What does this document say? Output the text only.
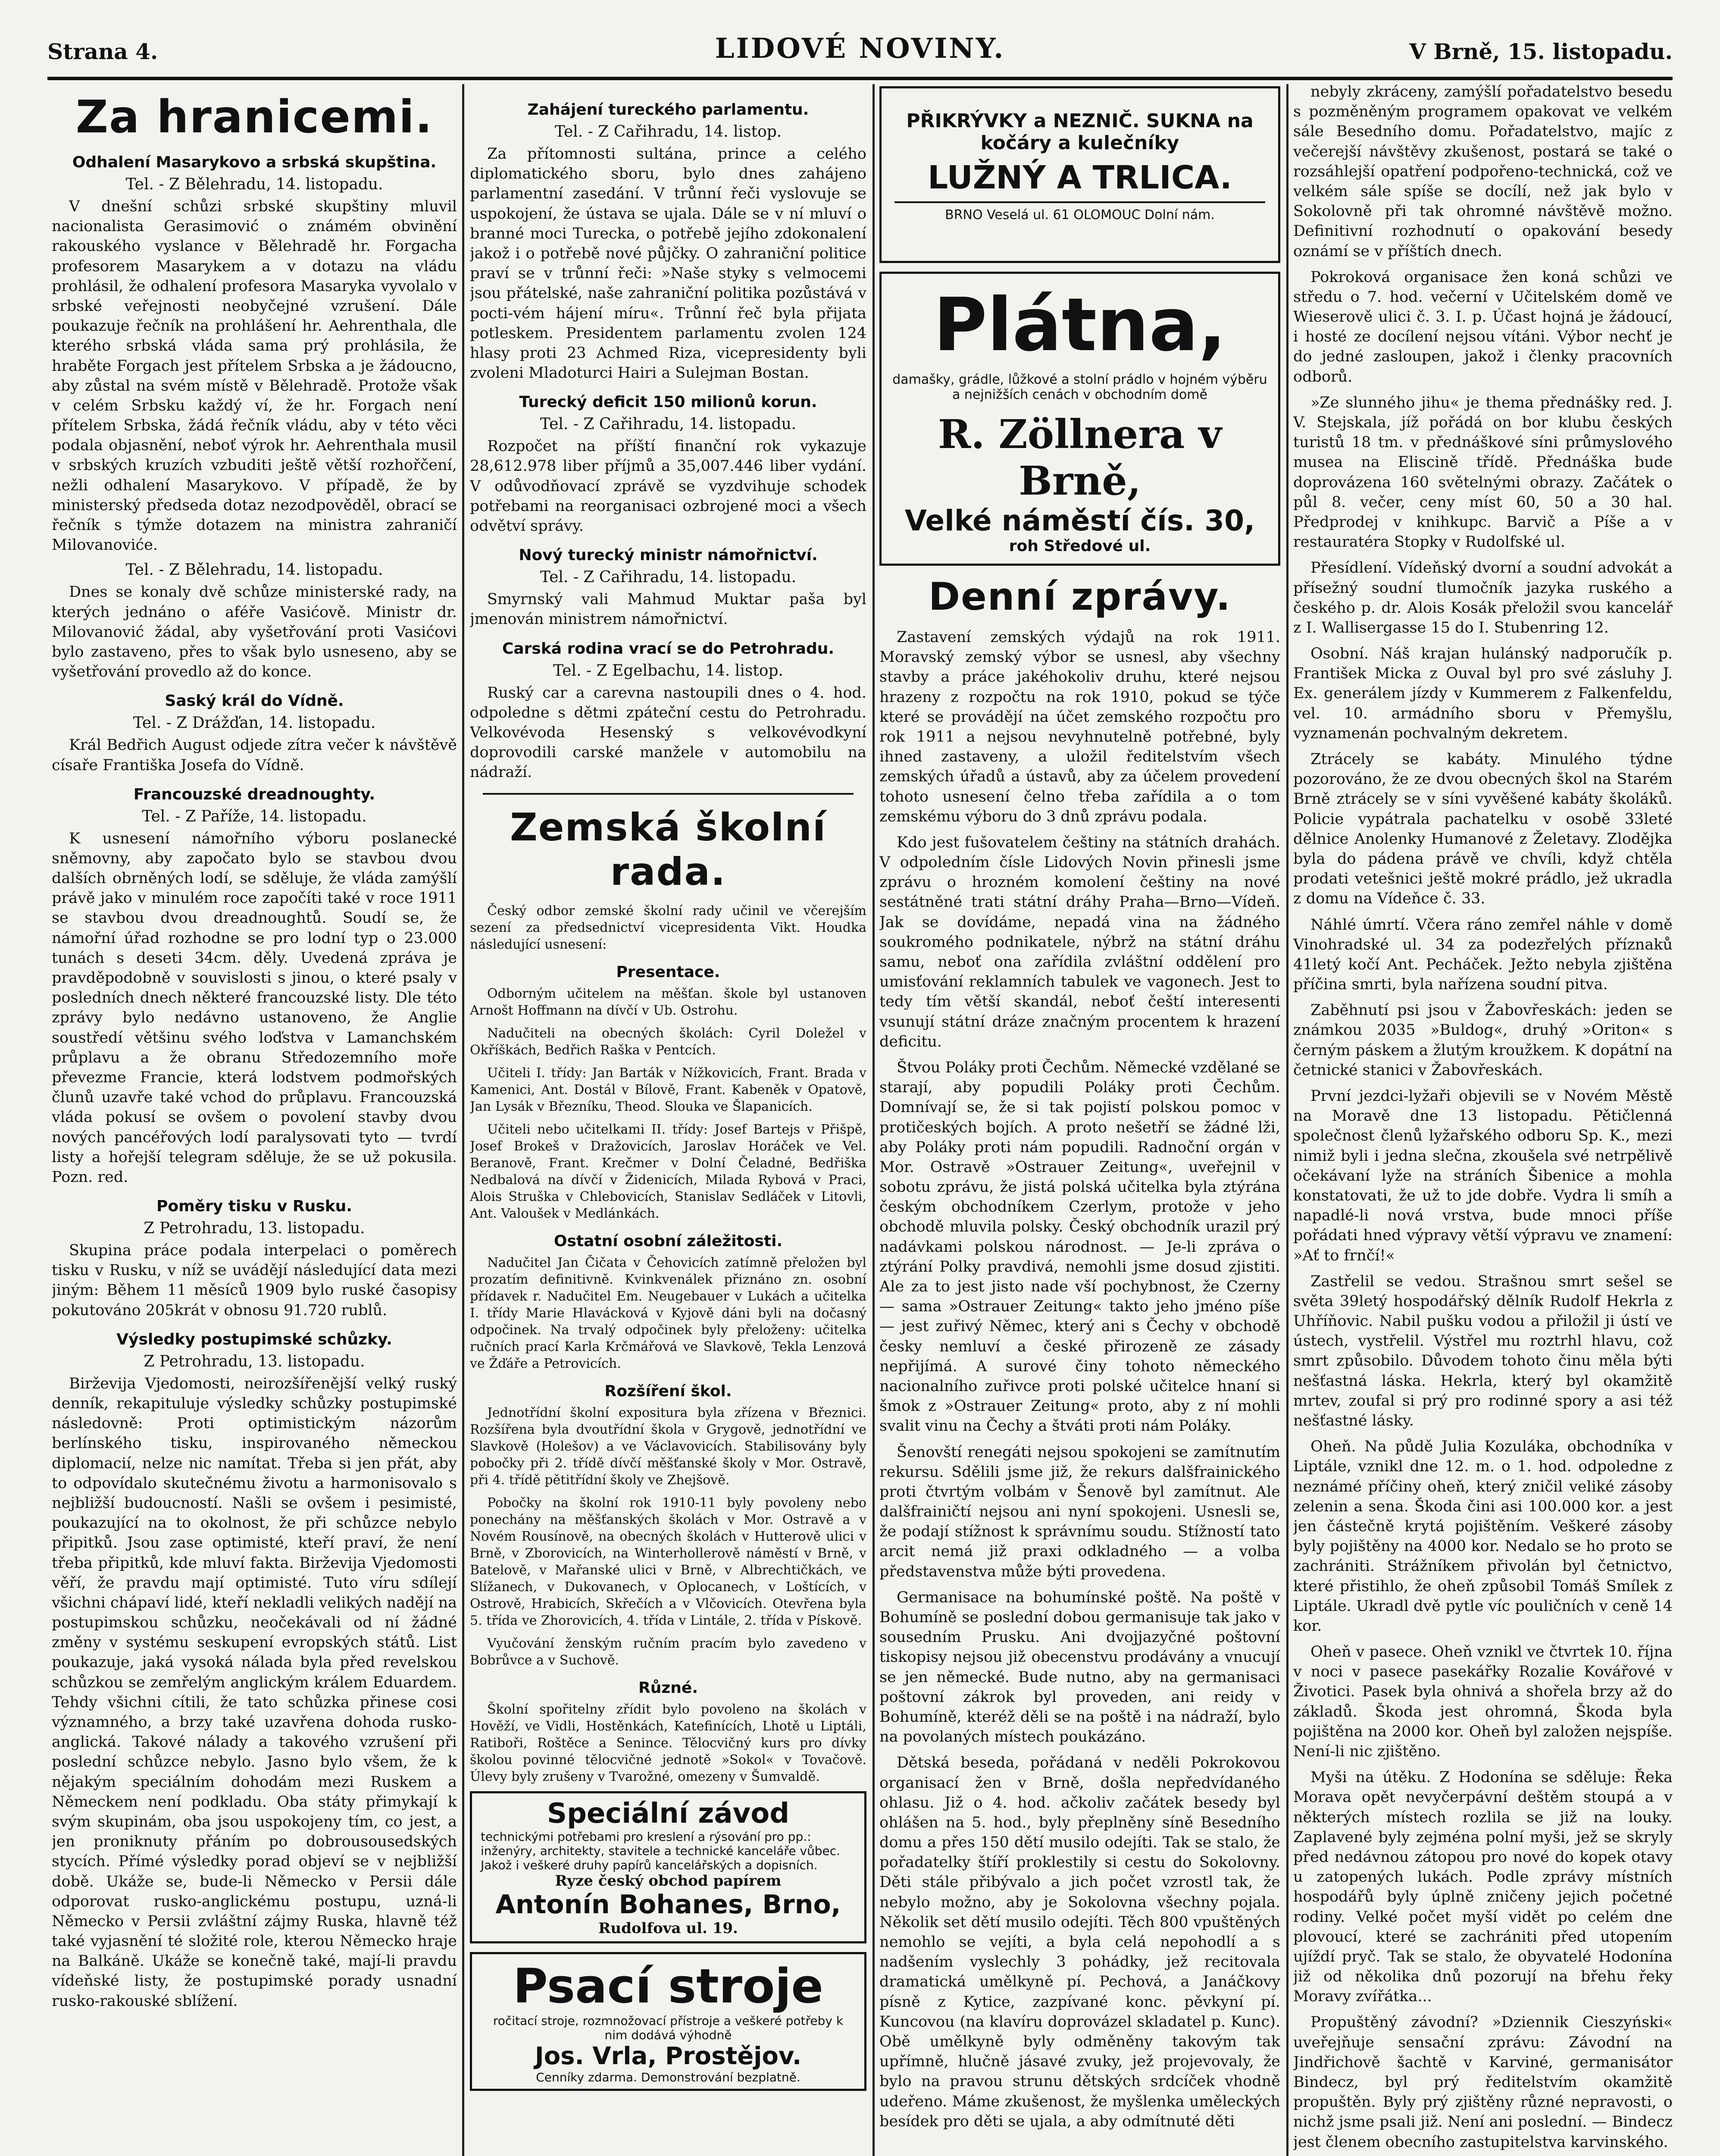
Strana 4.	LIDOVÉ NOVINY.	V Brně, 15. listopadu.
Za hranicemi.
Odhalení Masarykovo a srbská skupština.
Tel. - Z Bělehradu, 14. listopadu.

V dnešní schůzi srbské skupštiny mluvil nacionalista Gerasimović o známém obvinění rakouského vyslance v Bělehradě hr. Forgacha profesorem Masarykem a v dotazu na vládu prohlásil, že odhalení profesora Masaryka vyvolalo v srbské veřejnosti neobyčejné vzrušení. Dále poukazuje řečník na prohlášení hr. Aehrenthala, dle kterého srbská vláda sama prý prohlásila, že hraběte Forgach jest přítelem Srbska a je žádoucno, aby zůstal na svém místě v Bělehradě. Protože však v celém Srbsku každý ví, že hr. Forgach není přítelem Srbska, žádá řečník vládu, aby v této věci podala objasnění, neboť výrok hr. Aehrenthala musil v srbských kruzích vzbuditi ještě větší rozhořčení, nežli odhalení Masarykovo. V případě, že by ministerský předseda dotaz nezodpověděl, obrací se řečník s týmže dotazem na ministra zahraničí Milovanoviće.

Tel. - Z Bělehradu, 14. listopadu.

Dnes se konaly dvě schůze ministerské rady, na kterých jednáno o aféře Vasićově. Ministr dr. Milovanović žádal, aby vyšetřování proti Vasićovi bylo zastaveno, přes to však bylo usneseno, aby se vyšetřování provedlo až do konce.

Saský král do Vídně.
Tel. - Z Drážďan, 14. listopadu.

Král Bedřich August odjede zítra večer k návštěvě císaře Františka Josefa do Vídně.

Francouzské dreadnoughty.
Tel. - Z Paříže, 14. listopadu.

K usnesení námořního výboru poslanecké sněmovny, aby započato bylo se stavbou dvou dalších obrněných lodí, se sděluje, že vláda zamýšlí právě jako v minulém roce započíti také v roce 1911 se stavbou dvou dreadnoughtů. Soudí se, že námořní úřad rozhodne se pro lodní typ o 23.000 tunách s deseti 34cm. děly. Uvedená zpráva je pravděpodobně v souvislosti s jinou, o které psaly v posledních dnech některé francouzské listy. Dle této zprávy bylo nedávno ustanoveno, že Anglie soustředí většinu svého loďstva v Lamanchském průplavu a že obranu Středozemního moře převezme Francie, která lodstvem podmořských člunů uzavře také vchod do průplavu. Francouzská vláda pokusí se ovšem o povolení stavby dvou nových pancéřových lodí paralysovati tyto — tvrdí listy a hořejší telegram sděluje, že se už pokusila. Pozn. red.

Poměry tisku v Rusku.
Z Petrohradu, 13. listopadu.

Skupina práce podala interpelaci o poměrech tisku v Rusku, v níž se uvádějí následující data mezi jiným: Během 11 měsíců 1909 bylo ruské časopisy pokutováno 205krát v obnosu 91.720 rublů.

Výsledky postupimské schůzky.
Z Petrohradu, 13. listopadu.

Birževija Vjedomosti, neirozšířenější velký ruský denník, rekapituluje výsledky schůzky postupimské následovně: Proti optimistickým názorům berlínského tisku, inspirovaného německou diplomacií, nelze nic namítat. Třeba si jen přát, aby to odpovídalo skutečnému životu a harmonisovalo s nejbližší budoucností. Našli se ovšem i pesimisté, poukazující na to okolnost, že při schůzce nebylo připitků. Jsou zase optimisté, kteří praví, že není třeba připitků, kde mluví fakta. Birževija Vjedomosti věří, že pravdu mají optimisté. Tuto víru sdílejí všichni chápaví lidé, kteří nekladli velikých nadějí na postupimskou schůzku, neočekávali od ní žádné změny v systému seskupení evropských států. List poukazuje, jaká vysoká nálada byla před revelskou schůzkou se zemřelým anglickým králem Eduardem. Tehdy všichni cítili, že tato schůzka přinese cosi významného, a brzy také uzavřena dohoda rusko-anglická. Takové nálady a takového vzrušení při poslední schůzce nebylo. Jasno bylo všem, že k nějakým speciálním dohodám mezi Ruskem a Německem není podkladu. Oba státy přimykají k svým skupinám, oba jsou uspokojeny tím, co jest, a jen proniknuty přáním po dobrousousedských stycích. Přímé výsledky porad objeví se v nejbližší době. Ukáže se, bude-li Německo v Persii dále odporovat rusko-anglickému postupu, uzná-li Německo v Persii zvláštní zájmy Ruska, hlavně též také vyjasnění té složité role, kterou Německo hraje na Balkáně. Ukáže se konečně také, mají-li pravdu vídeňské listy, že postupimské porady usnadní rusko-rakouské sblížení.

Zahájení tureckého parlamentu.
Tel. - Z Cařihradu, 14. listop.

Za přítomnosti sultána, prince a celého diplomatického sboru, bylo dnes zahájeno parlamentní zasedání. V trůnní řeči vyslovuje se uspokojení, že ústava se ujala. Dále se v ní mluví o branné moci Turecka, o potřebě jejího zdokonalení jakož i o potřebě nové půjčky. O zahraniční politice praví se v trůnní řeči: »Naše styky s velmocemi jsou přátelské, naše zahraniční politika pozůstává v pocti-vém hájení míru«. Trůnní řeč byla přijata potleskem. Presidentem parlamentu zvolen 124 hlasy proti 23 Achmed Riza, vicepresidenty byli zvoleni Mladoturci Hairi a Sulejman Bostan.

Turecký deficit 150 milionů korun.
Tel. - Z Cařihradu, 14. listopadu.

Rozpočet na příští finanční rok vykazuje 28,612.978 liber příjmů a 35,007.446 liber vydání. V odůvodňovací zprávě se vyzdvihuje schodek potřebami na reorganisaci ozbrojené moci a všech odvětví správy.

Nový turecký ministr námořnictví.
Tel. - Z Cařihradu, 14. listopadu.

Smyrnský vali Mahmud Muktar paša byl jmenován ministrem námořnictví.

Carská rodina vrací se do Petrohradu.
Tel. - Z Egelbachu, 14. listop.

Ruský car a carevna nastoupili dnes o 4. hod. odpoledne s dětmi zpáteční cestu do Petrohradu. Velkovévoda Hesenský s velkovévodkyní doprovodili carské manžele v automobilu na nádraží.

Zemská školní rada.

Český odbor zemské školní rady učinil ve včerejším sezení za předsednictví vicepresidenta Vikt. Houdka následující usnesení:

Presentace.

Odborným učitelem na měšťan. škole byl ustanoven Arnošt Hoffmann na dívčí v Ub. Ostrohu.

Nadučiteli na obecných školách: Cyril Doležel v Okříškách, Bedřich Raška v Pentcích.

Učiteli I. třídy: Jan Barták v Nížkovicích, Frant. Brada v Kamenici, Ant. Dostál v Bílově, Frant. Kabeněk v Opatově, Jan Lysák v Březníku, Theod. Slouka ve Šlapanicích.

Učiteli nebo učitelkami II. třídy: Josef Bartejs v Přišpě, Josef Brokeš v Dražovicích, Jaroslav Horáček ve Vel. Beranově, Frant. Krečmer v Dolní Čeladné, Bedřiška Nedbalová na dívčí v Židenicích, Milada Rybová v Praci, Alois Struška v Chlebovicích, Stanislav Sedláček v Litovli, Ant. Valoušek v Medlánkách.

Ostatní osobní záležitosti.

Nadučitel Jan Čičata v Čehovicích zatímně přeložen byl prozatím definitivně. Kvinkvenálek přiznáno zn. osobní přídavek r. Nadučitel Em. Neugebauer v Lukách a učitelka I. třídy Marie Hlavácková v Kyjově dáni byli na dočasný odpočinek. Na trvalý odpočinek byly přeloženy: učitelka ručních prací Karla Krčmářová ve Slavkově, Tekla Lenzová ve Žďáře a Petrovicích.

Rozšíření škol.

Jednotřídní školní expositura byla zřízena v Březnici. Rozšířena byla dvoutřídní škola v Grygově, jednotřídní ve Slavkově (Holešov) a ve Václavovicích. Stabilisovány byly pobočky při 2. třídě dívčí měšťanské školy v Mor. Ostravě, při 4. třídě pětitřídní školy ve Zhejšově.

Pobočky na školní rok 1910-11 byly povoleny nebo ponechány na měšťanských školách v Mor. Ostravě a v Novém Rousínově, na obecných školách v Hutterově ulici v Brně, v Zborovicích, na Winterhollerově náměstí v Brně, v Batelově, v Mařanské ulici v Brně, v Albrechtičkách, ve Slížanech, v Dukovanech, v Oplocanech, v Loštících, v Ostrově, Hrabicích, Skřečích a v Vlčovicích. Otevřena byla 5. třída ve Zhorovicích, 4. třída v Lintále, 2. třída v Pískově.

Vyučování ženským ručním pracím bylo zavedeno v Bobrůvce a v Suchově.

Různé.

Školní spořitelny zřídit bylo povoleno na školách v Hověží, ve Vidli, Hostěnkách, Katefinících, Lhotě u Liptáli, Ratiboři, Roštěce a Senince. Tělocvičný kurs pro dívky školou povinné tělocvičné jednotě »Sokol« v Tovačově. Úlevy byly zrušeny v Tvarožné, omezeny v Šumvaldě.

Speciální závod
technickými potřebami pro kreslení a rýsování pro pp.: inženýry, architekty, stavitele a technické kanceláře vůbec. Jakož i veškeré druhy papírů kancelářských a dopisních.
Ryze český obchod papírem
Antonín Bohanes, Brno,
Rudolfova ul. 19.
Psací stroje
ročitací stroje, rozmnožovací přístroje a veškeré potřeby k nim dodává výhodně
Jos. Vrla, Prostějov.
Cenníky zdarma. Demonstrování bezplatně.
PŘIKRÝVKY a NEZNIČ. SUKNA na kočáry a kulečníky
LUŽNÝ A TRLICA.
BRNO Veselá ul. 61 OLOMOUC Dolní nám.
Plátna,
damašky, grádle, lůžkové a stolní prádlo v hojném výběru a nejnižších cenách v obchodním domě
R. Zöllnera v Brně,
Velké náměstí čís. 30,
roh Středové ul.
Denní zprávy.

Zastavení zemských výdajů na rok 1911. Moravský zemský výbor se usnesl, aby všechny stavby a práce jakéhokoliv druhu, které nejsou hrazeny z rozpočtu na rok 1910, pokud se týče které se provádějí na účet zemského rozpočtu pro rok 1911 a nejsou nevyhnutelně potřebné, byly ihned zastaveny, a uložil ředitelstvím všech zemských úřadů a ústavů, aby za účelem provedení tohoto usnesení čelno třeba zařídila a o tom zemskému výboru do 3 dnů zprávu podala.

Kdo jest fušovatelem češtiny na státních drahách. V odpoledním čísle Lidových Novin přinesli jsme zprávu o hrozném komolení češtiny na nové sestátněné trati státní dráhy Praha—Brno—Vídeň. Jak se dovídáme, nepadá vina na žádného soukromého podnikatele, nýbrž na státní dráhu samu, neboť ona zařídila zvláštní oddělení pro umisťování reklamních tabulek ve vagonech. Jest to tedy tím větší skandál, neboť čeští interesenti vsunují státní dráze značným procentem k hrazení deficitu.

Štvou Poláky proti Čechům. Německé vzdělané se starají, aby popudili Poláky proti Čechům. Domnívají se, že si tak pojistí polskou pomoc v protičeských bojích. A proto nešetří se žádné lži, aby Poláky proti nám popudili. Radnoční orgán v Mor. Ostravě »Ostrauer Zeitung«, uveřejnil v sobotu zprávu, že jistá polská učitelka byla ztýrána českým obchodníkem Czerlym, protože v jeho obchodě mluvila polsky. Český obchodník urazil prý nadávkami polskou národnost. — Je-li zpráva o ztýrání Polky pravdivá, nemohli jsme dosud zjistiti. Ale za to jest jisto nade vší pochybnost, že Czerny — sama »Ostrauer Zeitung« takto jeho jméno píše — jest zuřivý Němec, který ani s Čechy v obchodě česky nemluví a české přirozeně ze zásady nepřijímá. A surové činy tohoto německého nacionalního zuřivce proti polské učitelce hnaní si šmok z »Ostrauer Zeitung« proto, aby z ní mohli svalit vinu na Čechy a štváti proti nám Poláky.

Šenovští renegáti nejsou spokojeni se zamítnutím rekursu. Sdělili jsme již, že rekurs dalšfrainického proti čtvrtým volbám v Šenově byl zamítnut. Ale dalšfrainičtí nejsou ani nyní spokojeni. Usnesli se, že podají stížnost k správnímu soudu. Stížností tato arcit nemá již praxi odkladného — a volba představenstva může býti provedena.

Germanisace na bohumínské poště. Na poště v Bohumíně se poslední dobou germanisuje tak jako v sousedním Prusku. Ani dvojjazyčné poštovní tiskopisy nejsou již obecenstvu prodávány a vnucují se jen německé. Bude nutno, aby na germanisaci poštovní zákrok byl proveden, ani reidy v Bohumíně, kteréž děli se na poště i na nádraží, bylo na povolaných místech poukázáno.

Dětská beseda, pořádaná v neděli Pokrokovou organisací žen v Brně, došla nepředvídaného ohlasu. Již o 4. hod. ačkoliv začátek besedy byl ohlášen na 5. hod., byly přeplněny síně Besedního domu a přes 150 dětí musilo odejíti. Tak se stalo, že pořadatelky štíří proklestily si cestu do Sokolovny. Děti stále přibývalo a jich počet vzrostl tak, že nebylo možno, aby je Sokolovna všechny pojala. Několik set dětí musilo odejíti. Těch 800 vpuštěných nemohlo se vejíti, a byla celá nepohodlí a s nadšením vyslechly 3 pohádky, jež recitovala dramatická umělkyně pí. Pechová, a Janáčkovy písně z Kytice, zazpívané konc. pěvkyní pí. Kuncovou (na klavíru doprovázel skladatel p. Kunc). Obě umělkyně byly odměněny takovým tak upřímně, hlučně jásavé zvuky, jež projevovaly, že bylo na pravou strunu dětských srdcíček vhodně udeřeno. Máme zkušenost, že myšlenka uměleckých besídek pro děti se ujala, a aby odmítnuté děti

nebyly zkráceny, zamýšlí pořadatelstvo besedu s pozměněným programem opakovat ve velkém sále Besedního domu. Pořadatelstvo, majíc z večerejší návštěvy zkušenost, postará se také o rozsáhlejší opatření podpořeno-technická, což ve velkém sále spíše se docílí, než jak bylo v Sokolovně při tak ohromné návštěvě možno. Definitivní rozhodnutí o opakování besedy oznámí se v příštích dnech.

Pokroková organisace žen koná schůzi ve středu o 7. hod. večerní v Učitelském domě ve Wieserově ulici č. 3. I. p. Účast hojná je žádoucí, i hosté ze docílení nejsou vítáni. Výbor nechť je do jedné zasloupen, jakož i členky pracovních odborů.

»Ze slunného jihu« je thema přednášky red. J. V. Stejskala, jíž pořádá on bor klubu českých turistů 18 tm. v přednáškové síni průmyslového musea na Eliscině třídě. Přednáška bude doprovázena 160 světelnými obrazy. Začátek o půl 8. večer, ceny míst 60, 50 a 30 hal. Předprodej v knihkupc. Barvič a Píše a v restauratéra Stopky v Rudolfské ul.

Přesídlení. Vídeňský dvorní a soudní advokát a přísežný soudní tlumočník jazyka ruského a českého p. dr. Alois Kosák přeložil svou kancelář z I. Wallisergasse 15 do I. Stubenring 12.

Osobní. Náš krajan hulánský nadporučík p. František Micka z Ouval byl pro své zásluhy J. Ex. generálem jízdy v Kummerem z Falkenfeldu, vel. 10. armádního sboru v Přemyšlu, vyznamenán pochvalným dekretem.

Ztrácely se kabáty. Minulého týdne pozorováno, že ze dvou obecných škol na Starém Brně ztrácely se v síni vyvěšené kabáty školáků. Policie vypátrala pachatelku v osobě 33leté dělnice Anolenky Humanové z Želetavy. Zlodějka byla do pádena právě ve chvíli, když chtěla prodati vetešnici ještě mokré prádlo, jež ukradla z domu na Vídeňce č. 33.

Náhlé úmrtí. Včera ráno zemřel náhle v domě Vinohradské ul. 34 za podezřelých příznaků 41letý kočí Ant. Pecháček. Ježto nebyla zjištěna příčina smrti, byla nařízena soudní pitva.

Zaběhnutí psi jsou v Žabovřeskách: jeden se známkou 2035 »Buldog«, druhý »Oriton« s černým páskem a žlutým kroužkem. K dopátní na četnické stanici v Žabovřeskách.

První jezdci-lyžaři objevili se v Novém Městě na Moravě dne 13 listopadu. Pětičlenná společnost členů lyžařského odboru Sp. K., mezi nimiž byli i jedna slečna, zkoušela své netrpělivě očekávaní lyže na stráních Šibenice a mohla konstatovati, že už to jde dobře. Vydra li smíh a napadlé-li nová vrstva, bude mnoci příše pořádati hned výpravy větší výpravu ve znamení: »Ať to frnčí!«

Zastřelil se vedou. Strašnou smrt sešel se světa 39letý hospodářský dělník Rudolf Hekrla z Uhříňovic. Nabil pušku vodou a přiložil ji ústí ve ústech, vystřelil. Výstřel mu roztrhl hlavu, což smrt způsobilo. Důvodem tohoto činu měla býti nešťastná láska. Hekrla, který byl okamžitě mrtev, zoufal si prý pro rodinné spory a asi též nešťastné lásky.

Oheň. Na půdě Julia Kozuláka, obchodníka v Liptále, vznikl dne 12. m. o 1. hod. odpoledne z neznámé příčiny oheň, který zničil veliké zásoby zelenin a sena. Škoda čini asi 100.000 kor. a jest jen částečně krytá pojištěním. Veškeré zásoby byly pojištěny na 4000 kor. Nedalo se ho proto se zachrániti. Strážníkem přivolán byl četnictvo, které přistihlo, že oheň způsobil Tomáš Smílek z Liptále. Ukradl dvě pytle víc pouličních v ceně 14 kor.

Oheň v pasece. Oheň vznikl ve čtvrtek 10. října v noci v pasece pasekářky Rozalie Kovářové v Životici. Pasek byla ohnivá a shořela brzy až do základů. Škoda jest ohromná, Škoda byla pojištěna na 2000 kor. Oheň byl založen nejspíše. Není-li nic zjištěno.

Myši na útěku. Z Hodonína se sděluje: Řeka Morava opět nevyčerpávní deštěm stoupá a v některých místech rozlila se již na louky. Zaplavené byly zejména polní myši, jež se skryly před nedávnou zátopou pro nové do kopek otavy u zatopených lukách. Podle zprávy místních hospodářů byly úplně zničeny jejich početné rodiny. Velké počet myší vidět po celém dne plovoucí, které se zachrániti před utopením ujíždí pryč. Tak se stalo, že obyvatelé Hodonína již od několika dnů pozorují na břehu řeky Moravy zvířátka...

Propuštěný závodní? »Dziennik Cieszyński« uveřejňuje sensační zprávu: Závodní na Jindřichově šachtě v Karviné, germanisátor Bindecz, byl prý ředitelstvím okamžitě propuštěn. Byly prý zjištěny různé nepravosti, o nichž jsme psali již. Není ani poslední. — Bindecz jest členem obecního zastupitelstva karvinského.
